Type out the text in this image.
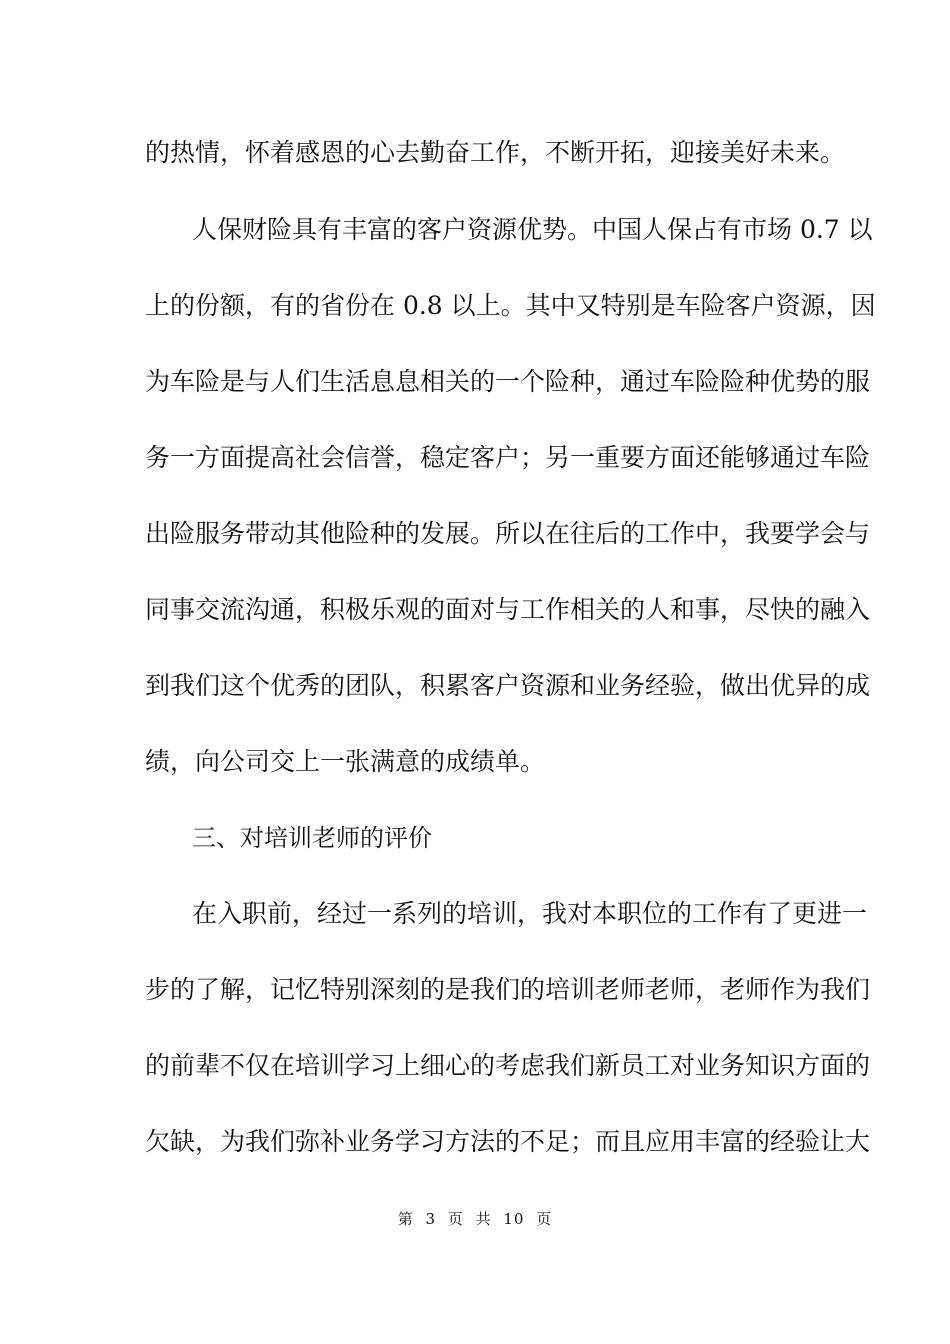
的热情，怀着感恩的心去勤奋工作，不断开拓，迎接美好未来。
人保财险具有丰富的客户资源优势。中国人保占有市场 0.7 以
上的份额，有的省份在 0.8 以上。其中又特别是车险客户资源，因
为车险是与人们生活息息相关的一个险种，通过车险险种优势的服
务一方面提高社会信誉，稳定客户；另一重要方面还能够通过车险
出险服务带动其他险种的发展。所以在往后的工作中，我要学会与
同事交流沟通，积极乐观的面对与工作相关的人和事，尽快的融入
到我们这个优秀的团队，积累客户资源和业务经验，做出优异的成
绩，向公司交上一张满意的成绩单。
三、对培训老师的评价
在入职前，经过一系列的培训，我对本职位的工作有了更进一
步的了解，记忆特别深刻的是我们的培训老师老师，老师作为我们
的前辈不仅在培训学习上细心的考虑我们新员工对业务知识方面的
欠缺，为我们弥补业务学习方法的不足；而且应用丰富的经验让大
第 3 页 共 10 页
